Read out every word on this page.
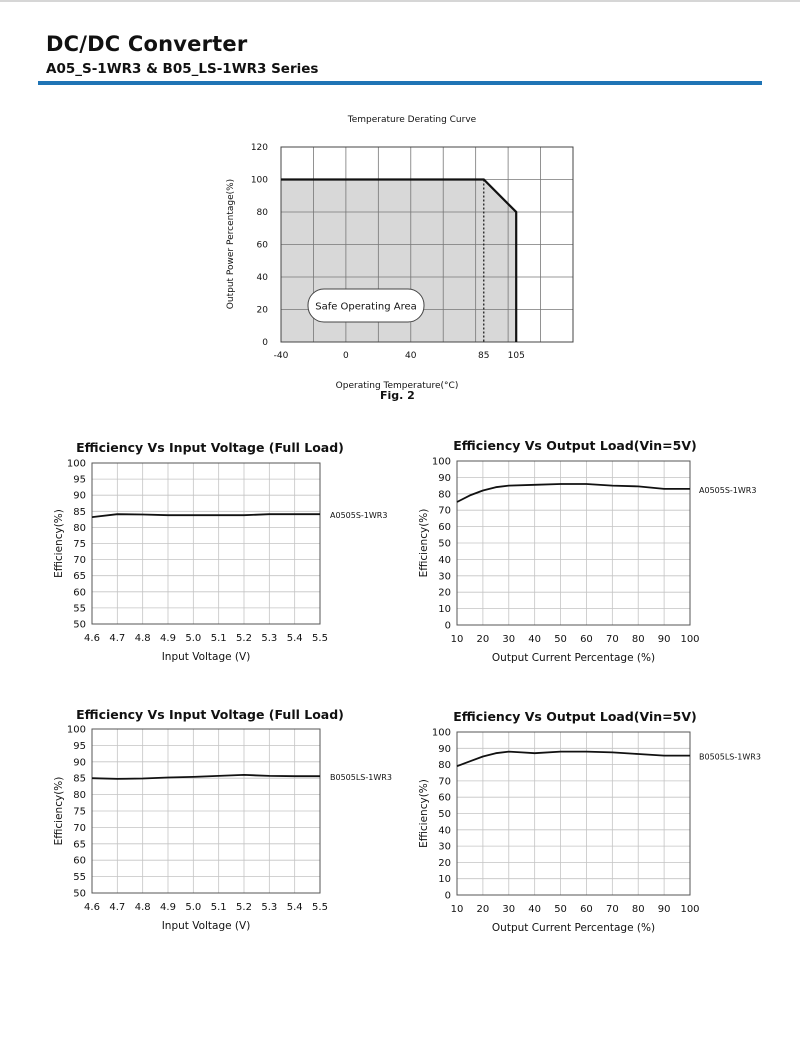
DC/DC Converter
A05_S-1WR3 & B05_LS-1WR3 Series
-40	0	40	85 105
0
20
40
60
80
100
120
Safe Operating Area
Temperature Derating Curve
Operating Temperature(°C)
Output Power Percentage(%)
Fig. 2
4.6 4.7 4.8 4.9 5.0 5.1 5.2 5.3 5.4 5.5
50
55
60
65
70
75
80
85
90
95
100
Efficiency Vs Input Voltage (Full Load)
Input Voltage (V)
Efficiency(%)	A0505S-1WR3
10 20 30 40 50 60 70 80 90 100
0
10
20
30
40
50
60
70
80
90
100
Efficiency Vs Output Load(Vin=5V)
Output Current Percentage (%)
Efficiency(%)
A0505S-1WR3
4.6 4.7 4.8 4.9 5.0 5.1 5.2 5.3 5.4 5.5
50
55
60
65
70
75
80
85
90
95
100
Efficiency Vs Input Voltage (Full Load)
Input Voltage (V)
Efficiency(%)	B0505LS-1WR3
10 20 30 40 50 60 70 80 90 100
0
10
20
30
40
50
60
70
80
90
100
Efficiency Vs Output Load(Vin=5V)
Output Current Percentage (%)
Efficiency(%)
B0505LS-1WR3
